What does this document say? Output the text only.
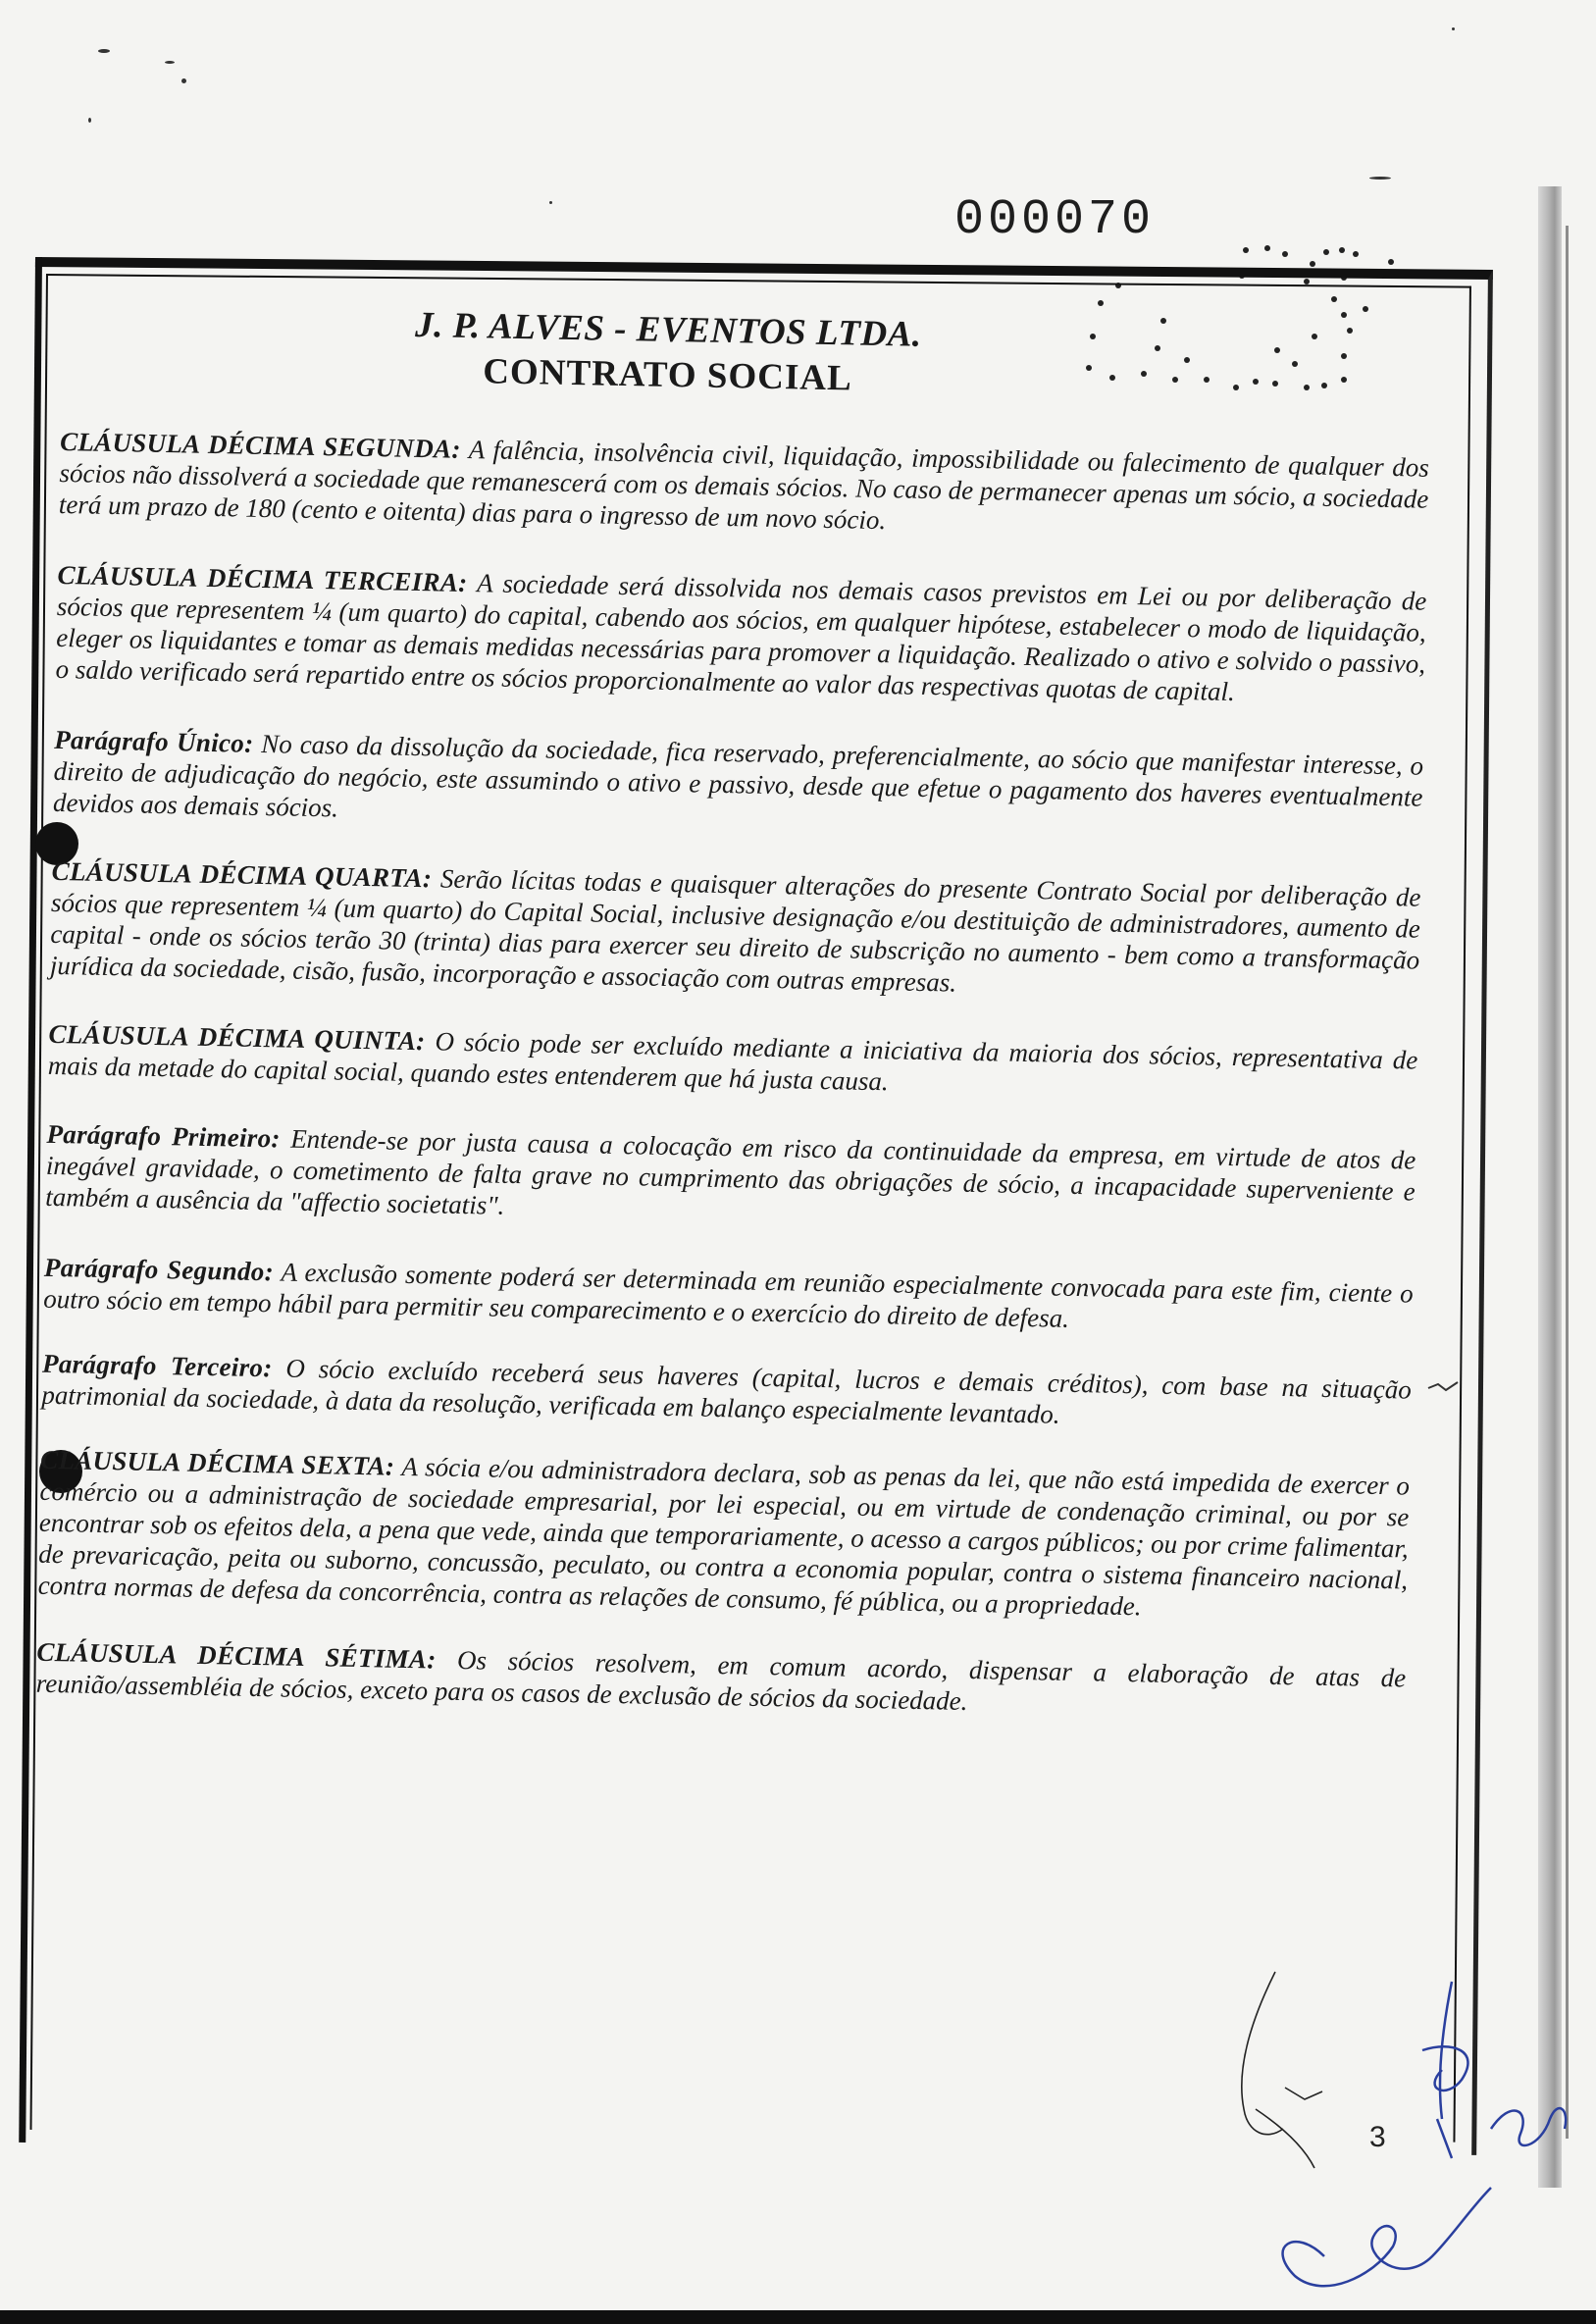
000070
J. P. ALVES - EVENTOS LTDA.
CONTRATO SOCIAL

CLÁUSULA DÉCIMA SEGUNDA: A falência, insolvência civil, liquidação, impossibilidade ou falecimento de qualquer dos sócios não dissolverá a sociedade que remanescerá com os demais sócios. No caso de permanecer apenas um sócio, a sociedade terá um prazo de 180 (cento e oitenta) dias para o ingresso de um novo sócio.

CLÁUSULA DÉCIMA TERCEIRA: A sociedade será dissolvida nos demais casos previstos em Lei ou por deliberação de sócios que representem ¼ (um quarto) do capital, cabendo aos sócios, em qualquer hipótese, estabelecer o modo de liquidação, eleger os liquidantes e tomar as demais medidas necessárias para promover a liquidação. Realizado o ativo e solvido o passivo, o saldo verificado será repartido entre os sócios proporcionalmente ao valor das respectivas quotas de capital.

Parágrafo Único: No caso da dissolução da sociedade, fica reservado, preferencialmente, ao sócio que manifestar interesse, o direito de adjudicação do negócio, este assumindo o ativo e passivo, desde que efetue o pagamento dos haveres eventualmente devidos aos demais sócios.

CLÁUSULA DÉCIMA QUARTA: Serão lícitas todas e quaisquer alterações do presente Contrato Social por deliberação de sócios que representem ¼ (um quarto) do Capital Social, inclusive designação e/ou destituição de administradores, aumento de capital - onde os sócios terão 30 (trinta) dias para exercer seu direito de subscrição no aumento - bem como a transformação jurídica da sociedade, cisão, fusão, incorporação e associação com outras empresas.

CLÁUSULA DÉCIMA QUINTA: O sócio pode ser excluído mediante a iniciativa da maioria dos sócios, representativa de mais da metade do capital social, quando estes entenderem que há justa causa.

Parágrafo Primeiro: Entende-se por justa causa a colocação em risco da continuidade da empresa, em virtude de atos de inegável gravidade, o cometimento de falta grave no cumprimento das obrigações de sócio, a incapacidade superveniente e também a ausência da "affectio societatis".

Parágrafo Segundo: A exclusão somente poderá ser determinada em reunião especialmente convocada para este fim, ciente o outro sócio em tempo hábil para permitir seu comparecimento e o exercício do direito de defesa.

Parágrafo Terceiro: O sócio excluído receberá seus haveres (capital, lucros e demais créditos), com base na situação patrimonial da sociedade, à data da resolução, verificada em balanço especialmente levantado.

CLÁUSULA DÉCIMA SEXTA: A sócia e/ou administradora declara, sob as penas da lei, que não está impedida de exercer o comércio ou a administração de sociedade empresarial, por lei especial, ou em virtude de condenação criminal, ou por se encontrar sob os efeitos dela, a pena que vede, ainda que temporariamente, o acesso a cargos públicos; ou por crime falimentar, de prevaricação, peita ou suborno, concussão, peculato, ou contra a economia popular, contra o sistema financeiro nacional, contra normas de defesa da concorrência, contra as relações de consumo, fé pública, ou a propriedade.

CLÁUSULA DÉCIMA SÉTIMA: Os sócios resolvem, em comum acordo, dispensar a elaboração de atas de reunião/assembléia de sócios, exceto para os casos de exclusão de sócios da sociedade.

3
